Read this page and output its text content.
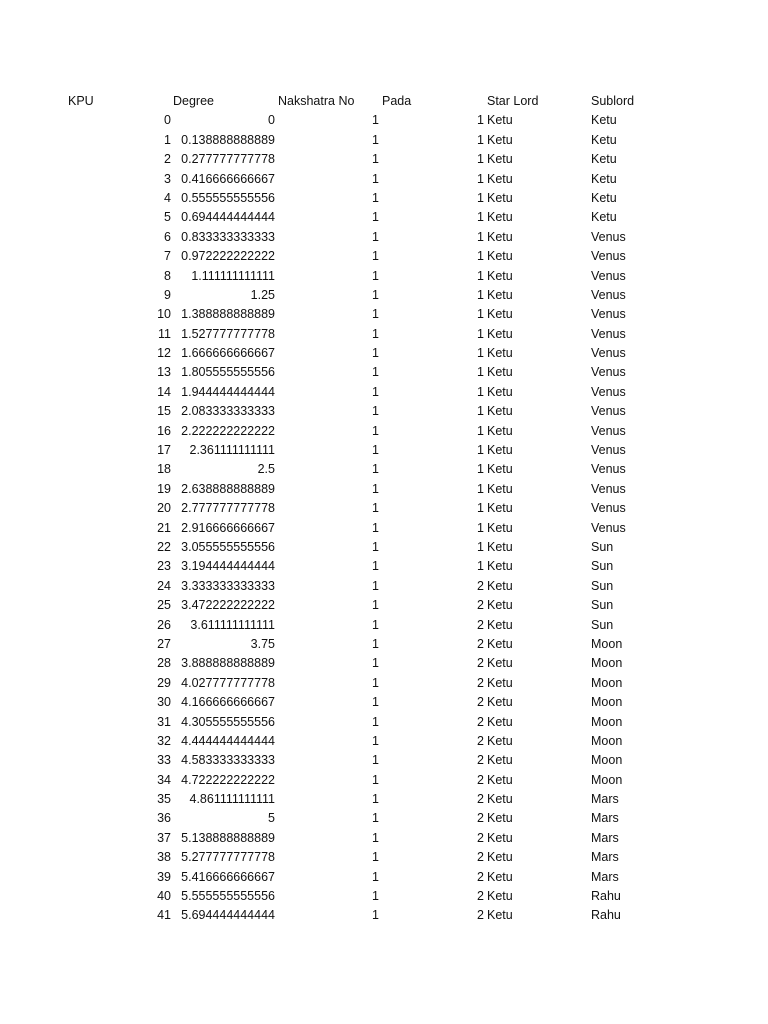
KPU	Degree	Nakshatra No Pada	Star Lord	Sublord
0	0	1	1 Ketu	Ketu
1 0.138888888889	1	1 Ketu	Ketu
2 0.277777777778	1	1 Ketu	Ketu
3 0.416666666667	1	1 Ketu	Ketu
4 0.555555555556	1	1 Ketu	Ketu
5 0.694444444444	1	1 Ketu	Ketu
6 0.833333333333	1	1 Ketu	Venus
7 0.972222222222	1	1 Ketu	Venus
8 1.111111111111	1	1 Ketu	Venus
9	1.25	1	1 Ketu	Venus
10 1.388888888889	1	1 Ketu	Venus
11 1.527777777778	1	1 Ketu	Venus
12 1.666666666667	1	1 Ketu	Venus
13 1.805555555556	1	1 Ketu	Venus
14 1.944444444444	1	1 Ketu	Venus
15 2.083333333333	1	1 Ketu	Venus
16 2.222222222222	1	1 Ketu	Venus
17 2.361111111111	1	1 Ketu	Venus
18	2.5	1	1 Ketu	Venus
19 2.638888888889	1	1 Ketu	Venus
20 2.777777777778	1	1 Ketu	Venus
21 2.916666666667	1	1 Ketu	Venus
22 3.055555555556	1	1 Ketu	Sun
23 3.194444444444	1	1 Ketu	Sun
24 3.333333333333	1	2 Ketu	Sun
25 3.472222222222	1	2 Ketu	Sun
26 3.611111111111	1	2 Ketu	Sun
27	3.75	1	2 Ketu	Moon
28 3.888888888889	1	2 Ketu	Moon
29 4.027777777778	1	2 Ketu	Moon
30 4.166666666667	1	2 Ketu	Moon
31 4.305555555556	1	2 Ketu	Moon
32 4.444444444444	1	2 Ketu	Moon
33 4.583333333333	1	2 Ketu	Moon
34 4.722222222222	1	2 Ketu	Moon
35 4.861111111111	1	2 Ketu	Mars
36	5	1	2 Ketu	Mars
37 5.138888888889	1	2 Ketu	Mars
38 5.277777777778	1	2 Ketu	Mars
39 5.416666666667	1	2 Ketu	Mars
40 5.555555555556	1	2 Ketu	Rahu
41 5.694444444444	1	2 Ketu	Rahu
